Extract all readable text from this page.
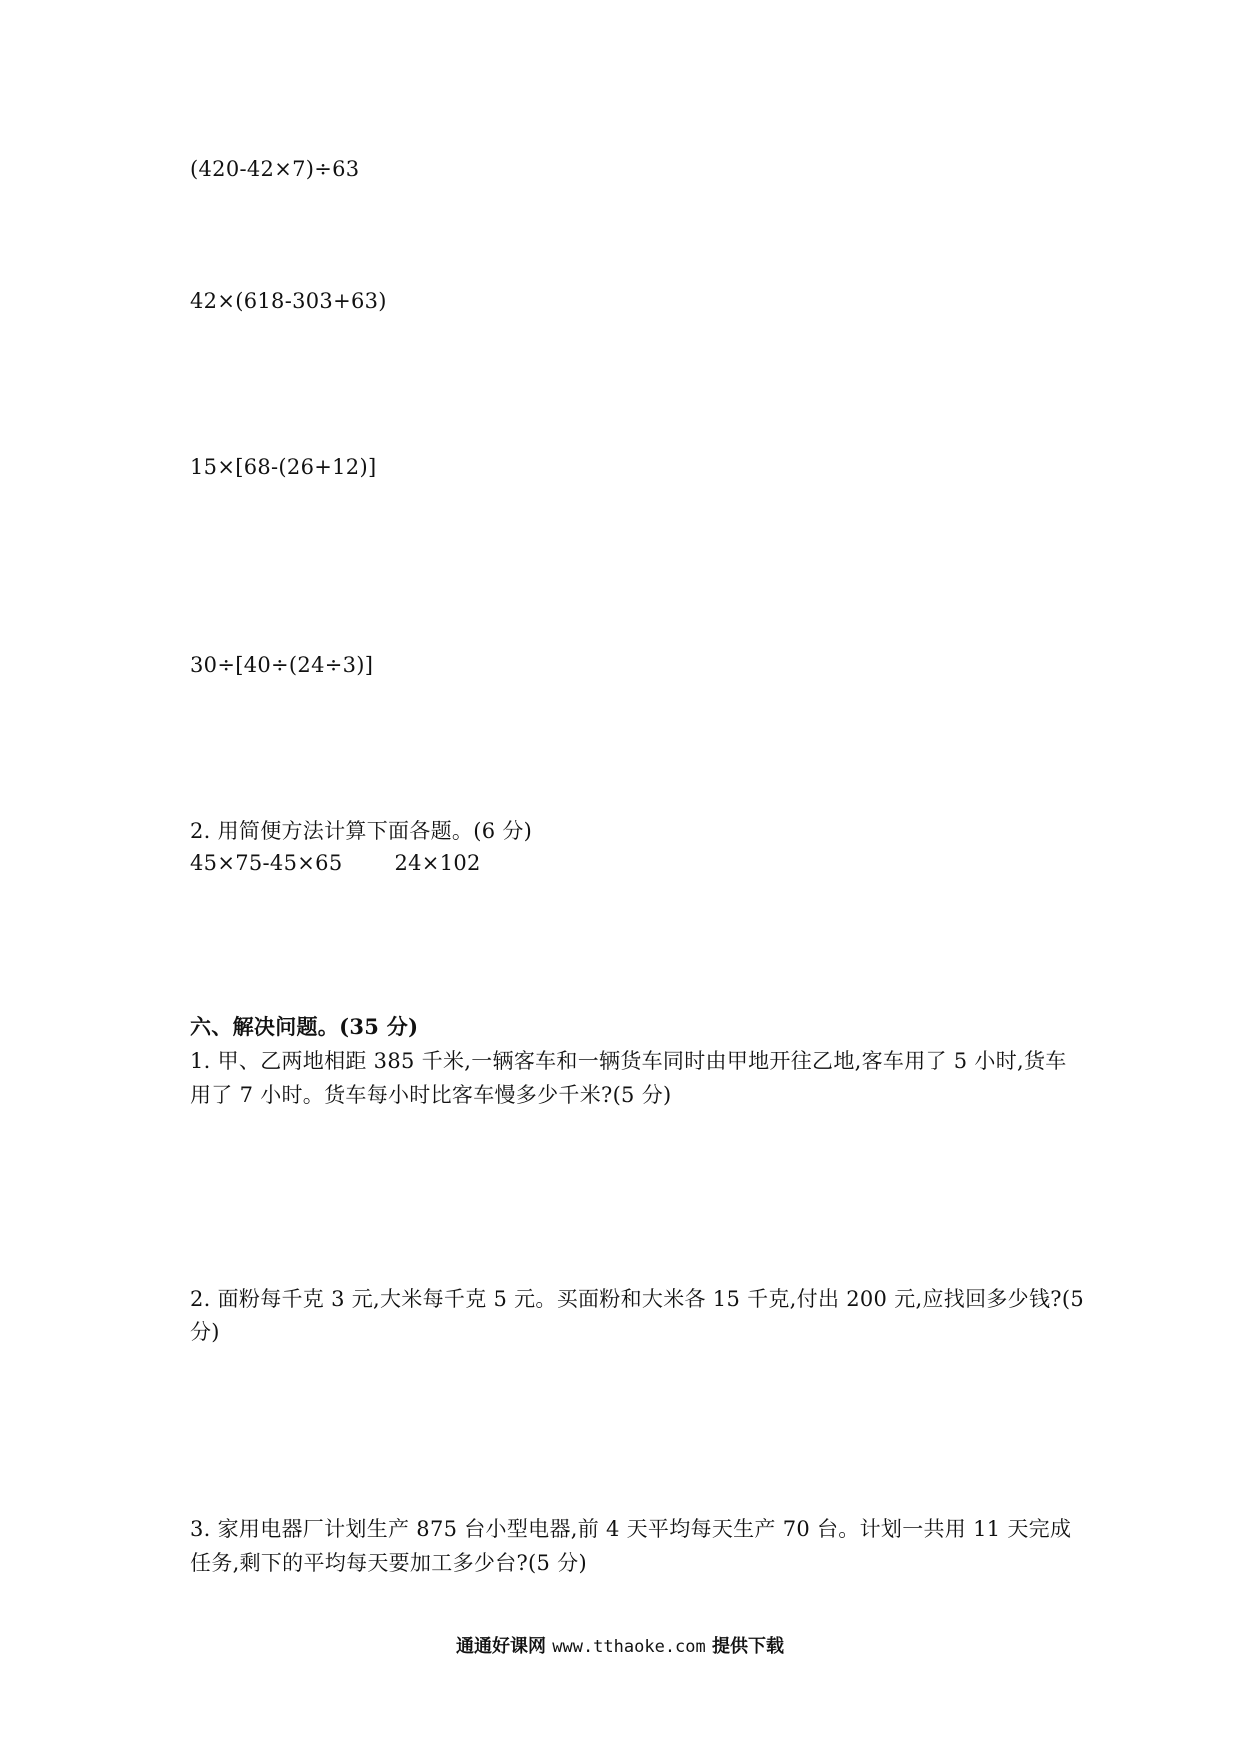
(420-42×7)÷63
42×(618-303+63)
15×[68-(26+12)]
30÷[40÷(24÷3)]
2. 用简便方法计算下面各题。(6 分)
45×75-45×65 24×102
六、解决问题。(35 分)
1. 甲、乙两地相距 385 千米,一辆客车和一辆货车同时由甲地开往乙地,客车用了 5 小时,货车
用了 7 小时。货车每小时比客车慢多少千米?(5 分)
2. 面粉每千克 3 元,大米每千克 5 元。买面粉和大米各 15 千克,付出 200 元,应找回多少钱?(5
分)
3. 家用电器厂计划生产 875 台小型电器,前 4 天平均每天生产 70 台。计划一共用 11 天完成
任务,剩下的平均每天要加工多少台?(5 分)
通通好课网 www.tthaoke.com 提供下载
